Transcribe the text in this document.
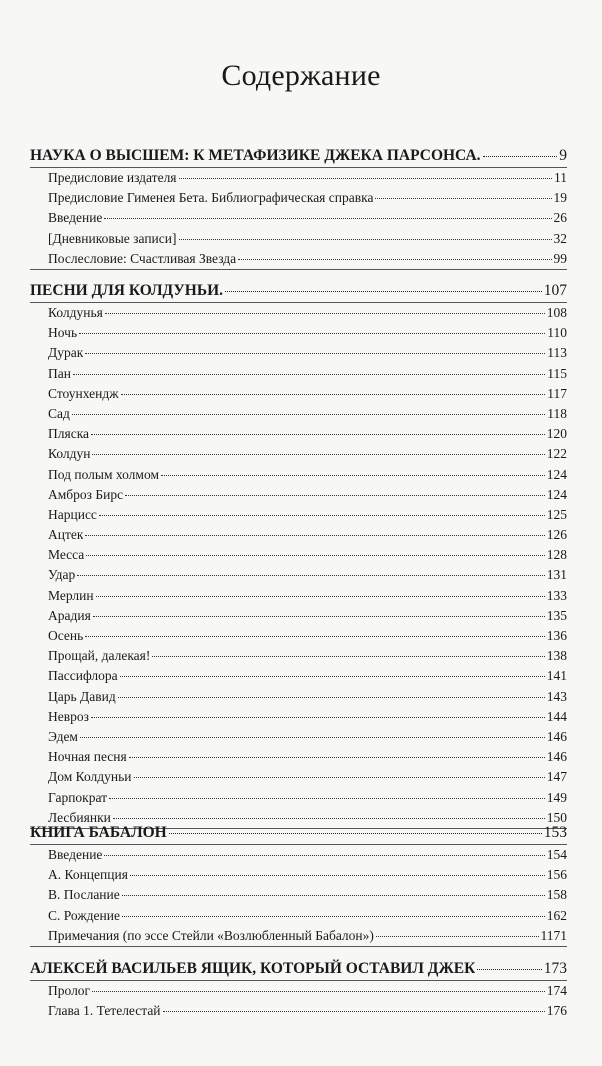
Содержание
НАУКА О ВЫСШЕМ: К МЕТАФИЗИКЕ ДЖЕКА ПАРСОНСА.	9
Предисловие издателя	11
Предисловие Гименея Бета. Библиографическая справка	19
Введение	26
[Дневниковые записи]	32
Послесловие: Счастливая Звезда	99
ПЕСНИ ДЛЯ КОЛДУНЬИ.	107
Колдунья	108
Ночь	110
Дурак	113
Пан	115
Стоунхендж	117
Сад	118
Пляска	120
Колдун	122
Под полым холмом	124
Амброз Бирс	124
Нарцисс	125
Ацтек	126
Месса	128
Удар	131
Мерлин	133
Арадия	135
Осень	136
Прощай, далекая!	138
Пассифлора	141
Царь Давид	143
Невроз	144
Эдем	146
Ночная песня	146
Дом Колдуньи	147
Гарпократ	149
Лесбиянки	150
КНИГА БАБАЛОН	153
Введение	154
A. Концепция	156
B. Послание	158
C. Рождение	162
Примечания (по эссе Стейли «Возлюбленный Бабалон»)	1171
АЛЕКСЕЙ ВАСИЛЬЕВ ЯЩИК, КОТОРЫЙ ОСТАВИЛ ДЖЕК	173
Пролог	174
Глава 1. Тетелестай	176
